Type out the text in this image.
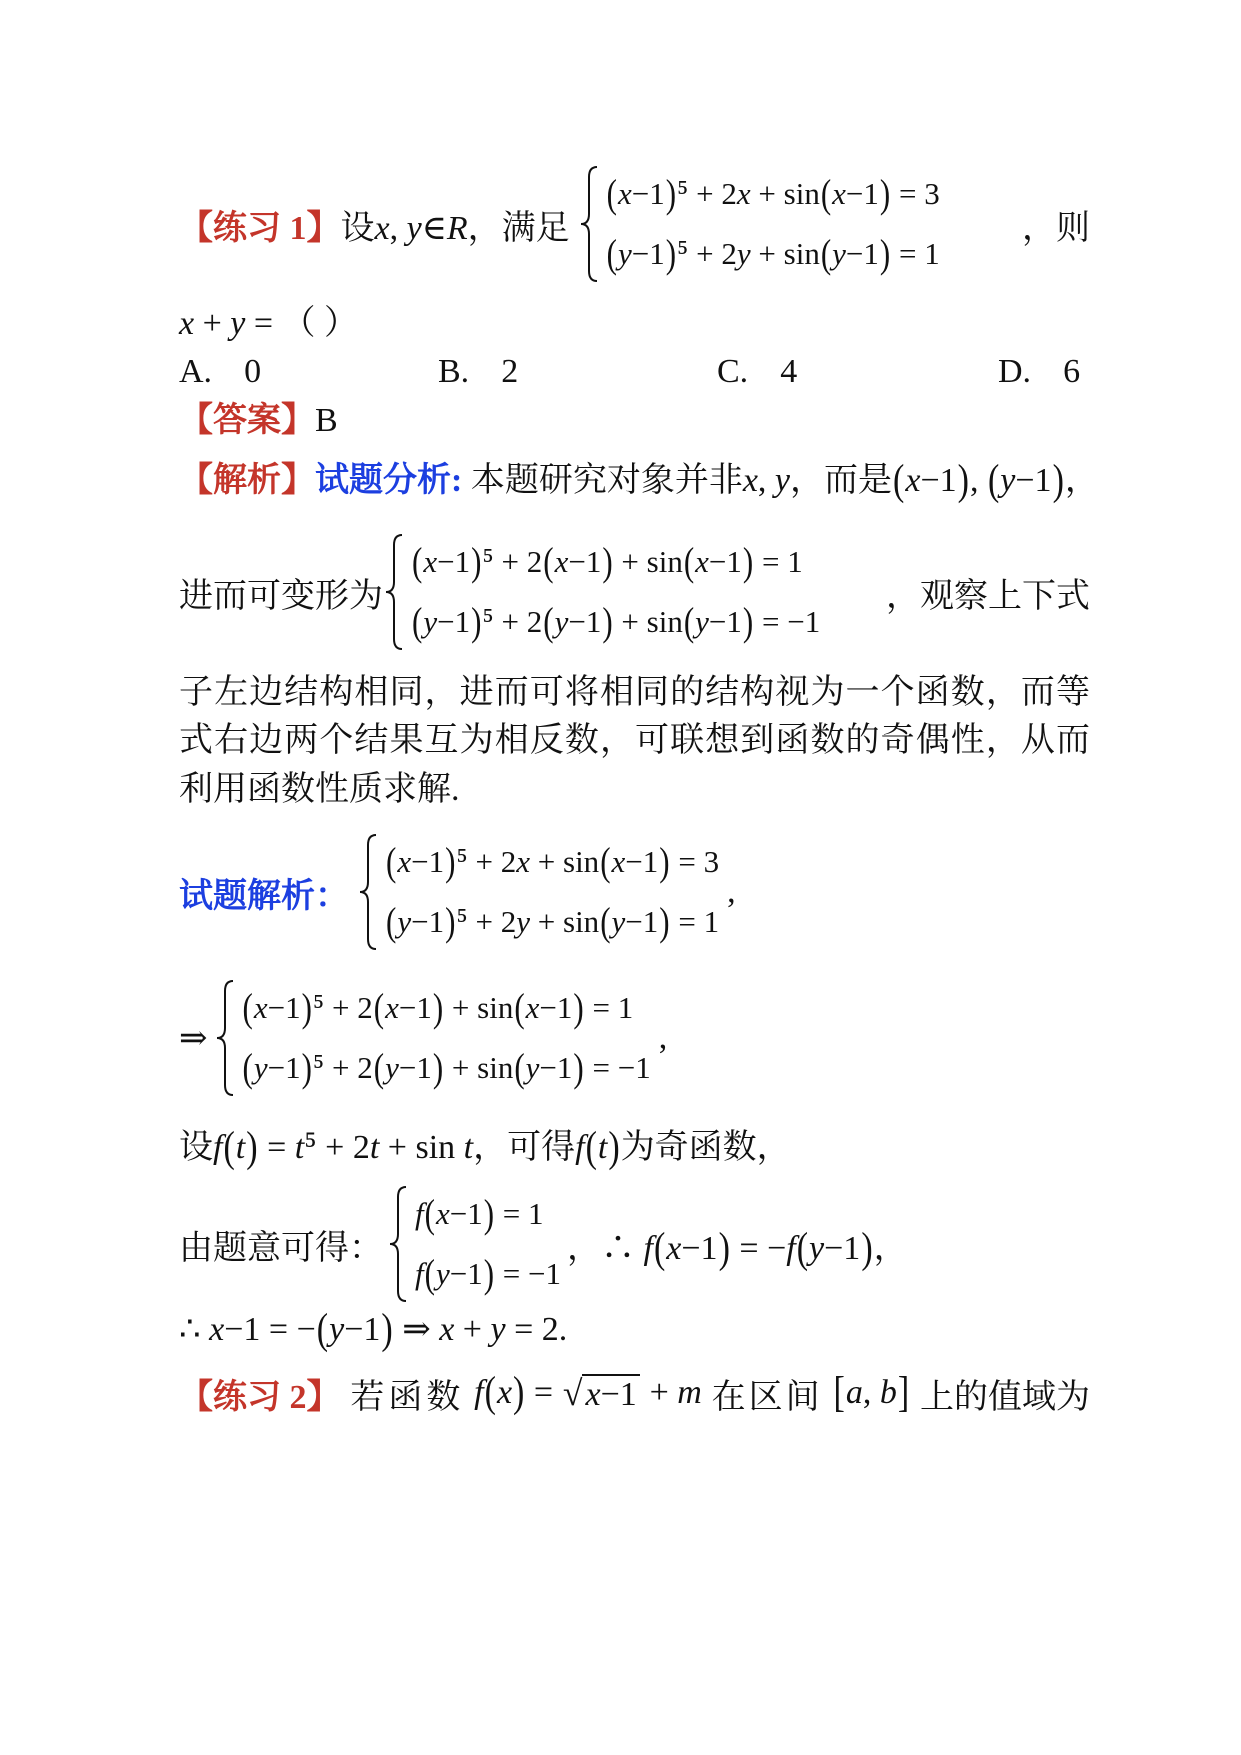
【练习 1】 设x, y∈R，满足
(x−1)⁵ + 2x + sin(x−1) = 3
(y−1)⁵ + 2y + sin(y−1) = 1
，则
x + y = （ ）
A. 0	B. 2	C. 4	D. 6
【答案】B
【解析】试题分析: 本题研究对象并非x, y，而是(x−1), (y−1)，
进而可变形为
(x−1)⁵ + 2(x−1) + sin(x−1) = 1
(y−1)⁵ + 2(y−1) + sin(y−1) = −1
，观察上下式
子左边结构相同，进而可将相同的结构视为一个函数，而等
式右边两个结果互为相反数，可联想到函数的奇偶性，从而
利用函数性质求解.
试题解析：
(x−1)⁵ + 2x + sin(x−1) = 3
(y−1)⁵ + 2y + sin(y−1) = 1
,
⇒
(x−1)⁵ + 2(x−1) + sin(x−1) = 1
(y−1)⁵ + 2(y−1) + sin(y−1) = −1
,
设f(t) = t⁵ + 2t + sin t，可得f(t)为奇函数，
由题意可得：
f(x−1) = 1
f(y−1) = −1
，∴ f(x−1) = −f(y−1)，
∴ x−1 = −(y−1) ⇒ x + y = 2.
【练习 2】 若函数 f(x) = √ x−1 + m 在区间 [a, b] 上的值域为
